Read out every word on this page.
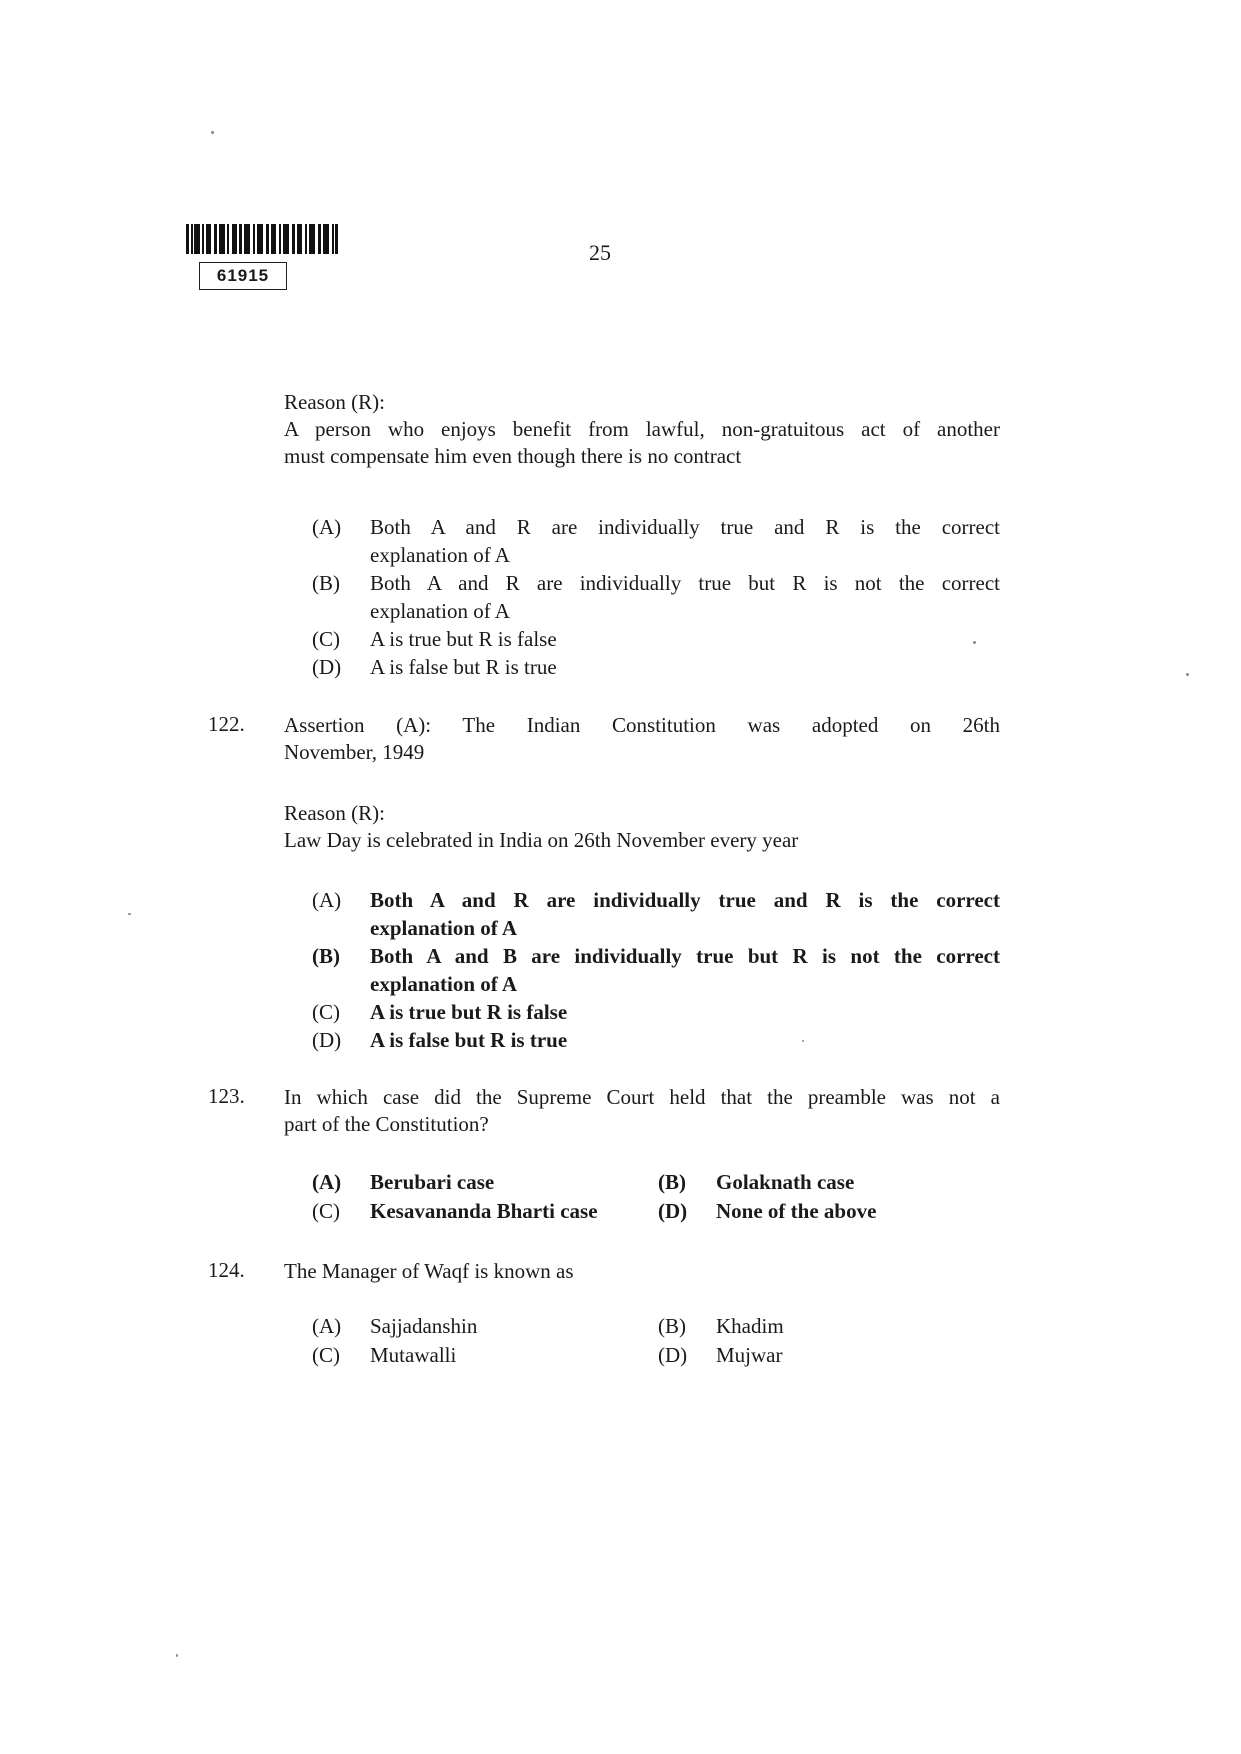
61915
25
Reason (R):
A person who enjoys benefit from lawful, non-gratuitous act of another
must compensate him even though there is no contract
(A)	Both A and R are individually true and R is the correct
explanation of A
(B)	Both A and R are individually true but R is not the correct
explanation of A
(C)	A is true but R is false
(D)	A is false but R is true
122. Assertion (A): The Indian Constitution was adopted on 26th
November, 1949
Reason (R):
Law Day is celebrated in India on 26th November every year
(A)	Both A and R are individually true and R is the correct
explanation of A
(B)	Both A and B are individually true but R is not the correct
explanation of A
(C)	A is true but R is false
(D)	A is false but R is true
123. In which case did the Supreme Court held that the preamble was not a
part of the Constitution?
(A)	Berubari case	(B)	Golaknath case
(C)	Kesavananda Bharti case	(D)	None of the above
124. The Manager of Waqf is known as
(A)	Sajjadanshin	(B)	Khadim
(C)	Mutawalli	(D)	Mujwar
